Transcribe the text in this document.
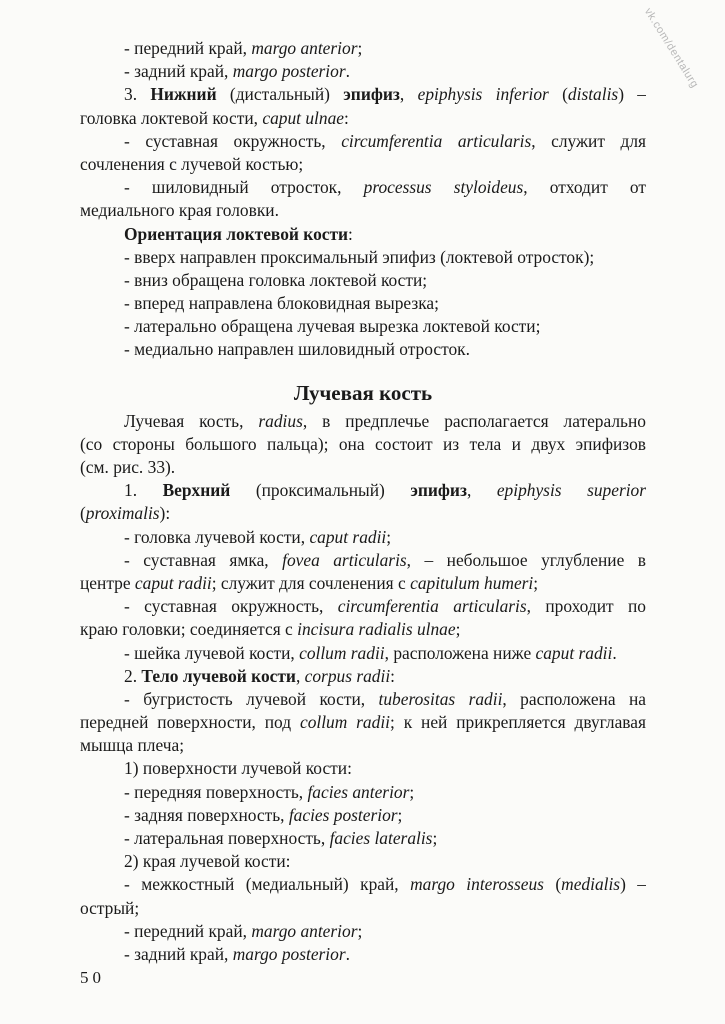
vk.com/dentalurg
- передний край, margo anterior;
- задний край, margo posterior.
3. Нижний (дистальный) эпифиз, epiphysis inferior (distalis) –
головка локтевой кости, caput ulnae:
- суставная окружность, circumferentia articularis, служит для
сочленения с лучевой костью;
- шиловидный отросток, processus styloideus, отходит от
медиального края головки.
Ориентация локтевой кости:
- вверх направлен проксимальный эпифиз (локтевой отросток);
- вниз обращена головка локтевой кости;
- вперед направлена блоковидная вырезка;
- латерально обращена лучевая вырезка локтевой кости;
- медиально направлен шиловидный отросток.
Лучевая кость
Лучевая кость, radius, в предплечье располагается латерально
(со стороны большого пальца); она состоит из тела и двух эпифизов
(см. рис. 33).
1. Верхний (проксимальный) эпифиз, epiphysis superior
(proximalis):
- головка лучевой кости, caput radii;
- суставная ямка, fovea articularis, – небольшое углубление в
центре caput radii; служит для сочленения с capitulum humeri;
- суставная окружность, circumferentia articularis, проходит по
краю головки; соединяется с incisura radialis ulnae;
- шейка лучевой кости, collum radii, расположена ниже caput radii.
2. Тело лучевой кости, corpus radii:
- бугристость лучевой кости, tuberositas radii, расположена на
передней поверхности, под collum radii; к ней прикрепляется двуглавая
мышца плеча;
1) поверхности лучевой кости:
- передняя поверхность, facies anterior;
- задняя поверхность, facies posterior;
- латеральная поверхность, facies lateralis;
2) края лучевой кости:
- межкостный (медиальный) край, margo interosseus (medialis) –
острый;
- передний край, margo anterior;
- задний край, margo posterior.
50
